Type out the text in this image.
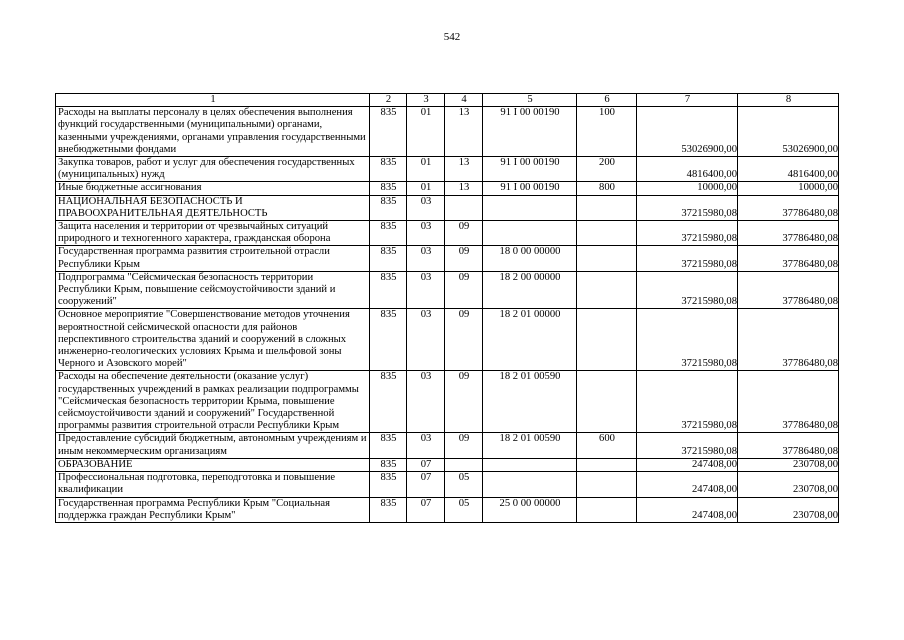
542
1	2	3	4	5	6	7	8
Расходы на выплаты персоналу в целях обеспечения выполнения функций государственными (муниципальными) органами, казенными учреждениями, органами управления государственными внебюджетными фондами	835	01	13	91 I 00 00190	100	53026900,00	53026900,00
Закупка товаров, работ и услуг для обеспечения государственных (муниципальных) нужд	835	01	13	91 I 00 00190	200	4816400,00	4816400,00
Иные бюджетные ассигнования	835	01	13	91 I 00 00190	800	10000,00	10000,00
НАЦИОНАЛЬНАЯ БЕЗОПАСНОСТЬ И ПРАВООХРАНИТЕЛЬНАЯ ДЕЯТЕЛЬНОСТЬ	835	03				37215980,08	37786480,08
Защита населения и территории от чрезвычайных ситуаций природного и техногенного характера, гражданская оборона	835	03	09			37215980,08	37786480,08
Государственная программа развития строительной отрасли Республики Крым	835	03	09	18 0 00 00000		37215980,08	37786480,08
Подпрограмма "Сейсмическая безопасность территории Республики Крым, повышение сейсмоустойчивости зданий и сооружений"	835	03	09	18 2 00 00000		37215980,08	37786480,08
Основное мероприятие "Совершенствование методов уточнения вероятностной сейсмической опасности для районов перспективного строительства зданий и сооружений в сложных инженерно-геологических условиях Крыма и шельфовой зоны Черного и Азовского морей"	835	03	09	18 2 01 00000		37215980,08	37786480,08
Расходы на обеспечение деятельности (оказание услуг) государственных учреждений в рамках реализации подпрограммы "Сейсмическая безопасность территории Крыма, повышение сейсмоустойчивости зданий и сооружений" Государственной программы развития строительной отрасли Республики Крым	835	03	09	18 2 01 00590		37215980,08	37786480,08
Предоставление субсидий бюджетным, автономным учреждениям и иным некоммерческим организациям	835	03	09	18 2 01 00590	600	37215980,08	37786480,08
ОБРАЗОВАНИЕ	835	07				247408,00	230708,00
Профессиональная подготовка, переподготовка и повышение квалификации	835	07	05			247408,00	230708,00
Государственная программа Республики Крым "Социальная поддержка граждан Республики Крым"	835	07	05	25 0 00 00000		247408,00	230708,00
